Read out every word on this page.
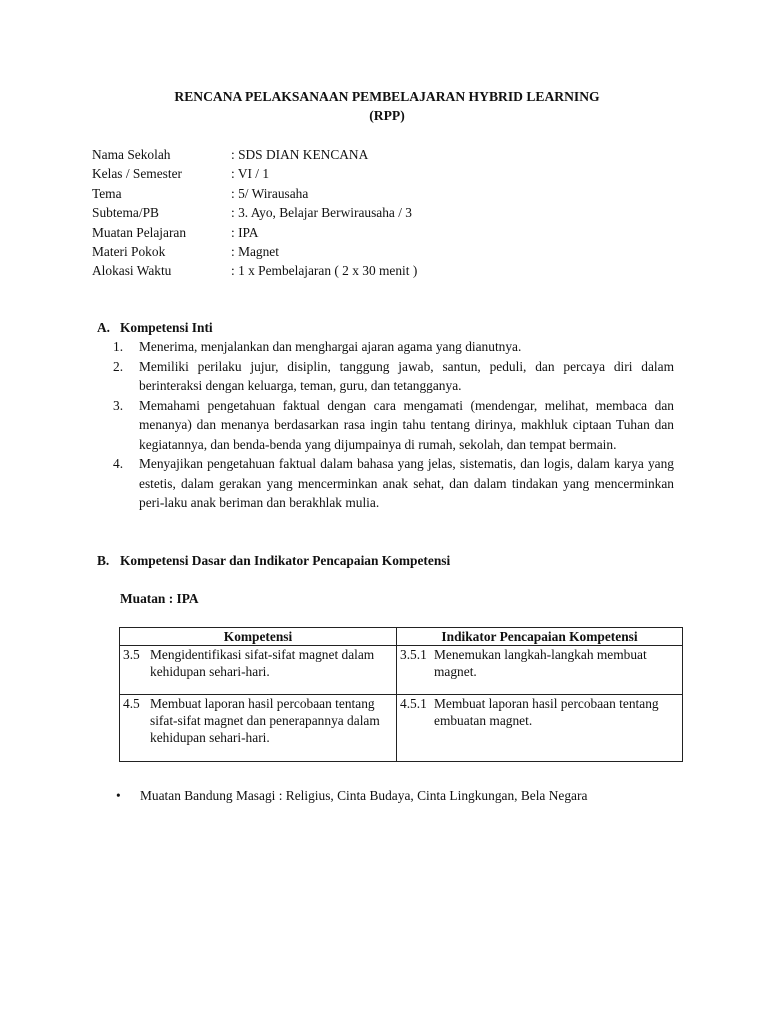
RENCANA PELAKSANAAN PEMBELAJARAN HYBRID LEARNING
(RPP)
Nama Sekolah	: SDS DIAN KENCANA
Kelas / Semester	: VI / 1
Tema	: 5/ Wirausaha
Subtema/PB	: 3. Ayo, Belajar Berwirausaha / 3
Muatan Pelajaran	: IPA
Materi Pokok	: Magnet
Alokasi Waktu	: 1 x Pembelajaran ( 2 x 30 menit )
A. Kompetensi Inti
1.	Menerima, menjalankan dan menghargai ajaran agama yang dianutnya.
2.	Memiliki perilaku jujur, disiplin, tanggung jawab, santun, peduli, dan percaya diri dalam berinteraksi dengan keluarga, teman, guru, dan tetangganya.
3.	Memahami pengetahuan faktual dengan cara mengamati (mendengar, melihat, membaca dan menanya) dan menanya berdasarkan rasa ingin tahu tentang dirinya, makhluk ciptaan Tuhan dan kegiatannya, dan benda-benda yang dijumpainya di rumah, sekolah, dan tempat bermain.
4.	Menyajikan pengetahuan faktual dalam bahasa yang jelas, sistematis, dan logis, dalam karya yang estetis, dalam gerakan yang mencerminkan anak sehat, dan dalam tindakan yang mencerminkan peri-laku anak beriman dan berakhlak mulia.
B. Kompetensi Dasar dan Indikator Pencapaian Kompetensi
Muatan : IPA
Kompetensi	Indikator Pencapaian Kompetensi

3.5 Mengidentifikasi sifat-sifat magnet dalam kehidupan sehari-hari.	3.5.1 Menemukan langkah-langkah membuat magnet.

4.5 Membuat laporan hasil percobaan tentang sifat-sifat magnet dan penerapannya dalam kehidupan sehari-hari.	4.5.1 Membuat laporan hasil percobaan tentang embuatan magnet.
•	Muatan Bandung Masagi : Religius, Cinta Budaya, Cinta Lingkungan, Bela Negara
